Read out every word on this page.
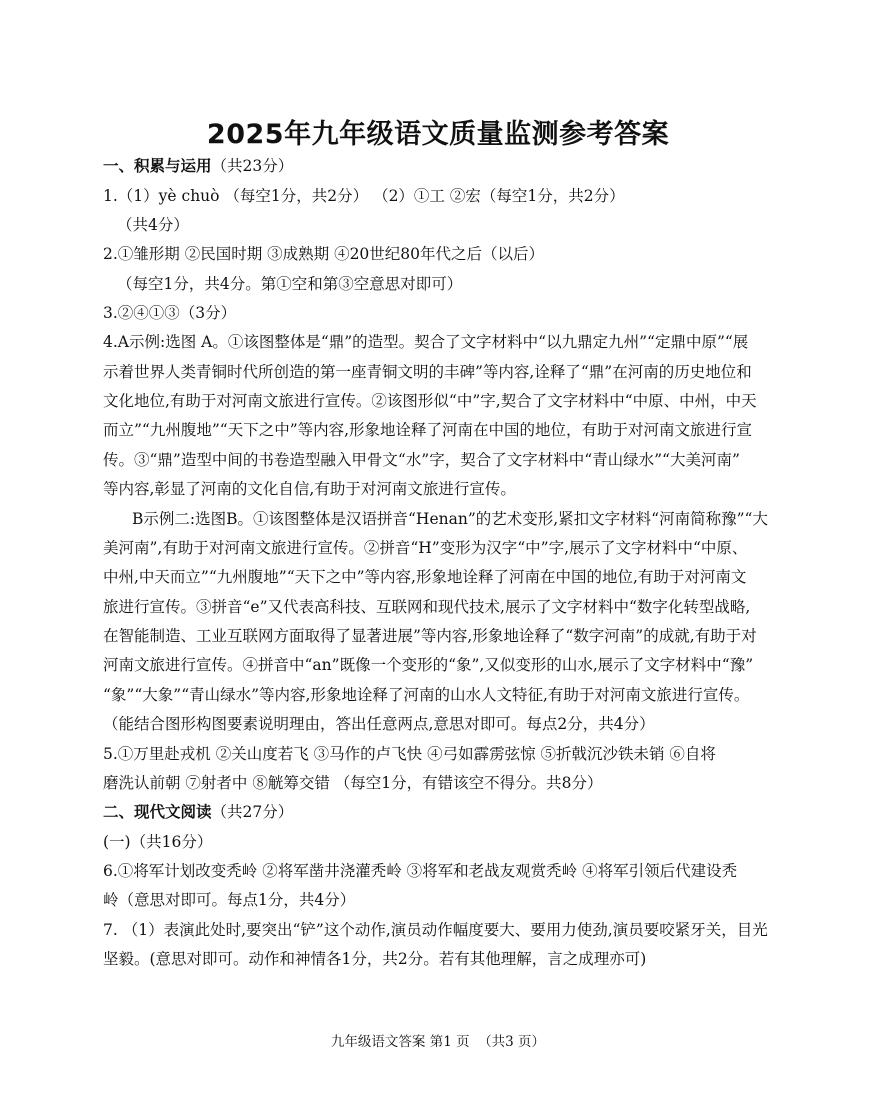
2025年九年级语文质量监测参考答案
一、积累与运用（共23分）
1.（1）yè chuò （每空1分，共2分） （2）①工 ②宏（每空1分，共2分）
（共4分）
2.①雏形期 ②民国时期 ③成熟期 ④20世纪80年代之后（以后）
（每空1分，共4分。第①空和第③空意思对即可）
3.②④①③（3分）
4.A示例:选图 A。①该图整体是“鼎”的造型。契合了文字材料中“以九鼎定九州”“定鼎中原”“展
示着世界人类青铜时代所创造的第一座青铜文明的丰碑”等内容,诠释了“鼎”在河南的历史地位和
文化地位,有助于对河南文旅进行宣传。②该图形似“中”字,契合了文字材料中“中原、中州，中天
而立”“九州腹地”“天下之中”等内容,形象地诠释了河南在中国的地位，有助于对河南文旅进行宣
传。③“鼎”造型中间的书卷造型融入甲骨文“水”字，契合了文字材料中“青山绿水”“大美河南”
等内容,彰显了河南的文化自信,有助于对河南文旅进行宣传。
B示例二:选图B。①该图整体是汉语拼音“Henan”的艺术变形,紧扣文字材料“河南简称豫”“大
美河南”,有助于对河南文旅进行宣传。②拼音“H”变形为汉字“中”字,展示了文字材料中“中原、
中州,中天而立”“九州腹地”“天下之中”等内容,形象地诠释了河南在中国的地位,有助于对河南文
旅进行宣传。③拼音“e”又代表高科技、互联网和现代技术,展示了文字材料中“数字化转型战略,
在智能制造、工业互联网方面取得了显著进展”等内容,形象地诠释了“数字河南”的成就,有助于对
河南文旅进行宣传。④拼音中“an”既像一个变形的“象”,又似变形的山水,展示了文字材料中“豫”
“象”“大象”“青山绿水”等内容,形象地诠释了河南的山水人文特征,有助于对河南文旅进行宣传。
（能结合图形构图要素说明理由，答出任意两点,意思对即可。每点2分，共4分）
5.①万里赴戎机 ②关山度若飞 ③马作的卢飞快 ④弓如霹雳弦惊 ⑤折戟沉沙铁未销 ⑥自将
磨洗认前朝 ⑦射者中 ⑧觥筹交错 （每空1分，有错该空不得分。共8分）
二、现代文阅读（共27分）
(一)（共16分）
6.①将军计划改变秃岭 ②将军凿井浇灌秃岭 ③将军和老战友观赏秃岭 ④将军引领后代建设秃
岭（意思对即可。每点1分，共4分）
7. （1）表演此处时,要突出“铲”这个动作,演员动作幅度要大、要用力使劲,演员要咬紧牙关，目光
坚毅。(意思对即可。动作和神情各1分，共2分。若有其他理解，言之成理亦可)
九年级语文答案 第1 页  （共3 页）
